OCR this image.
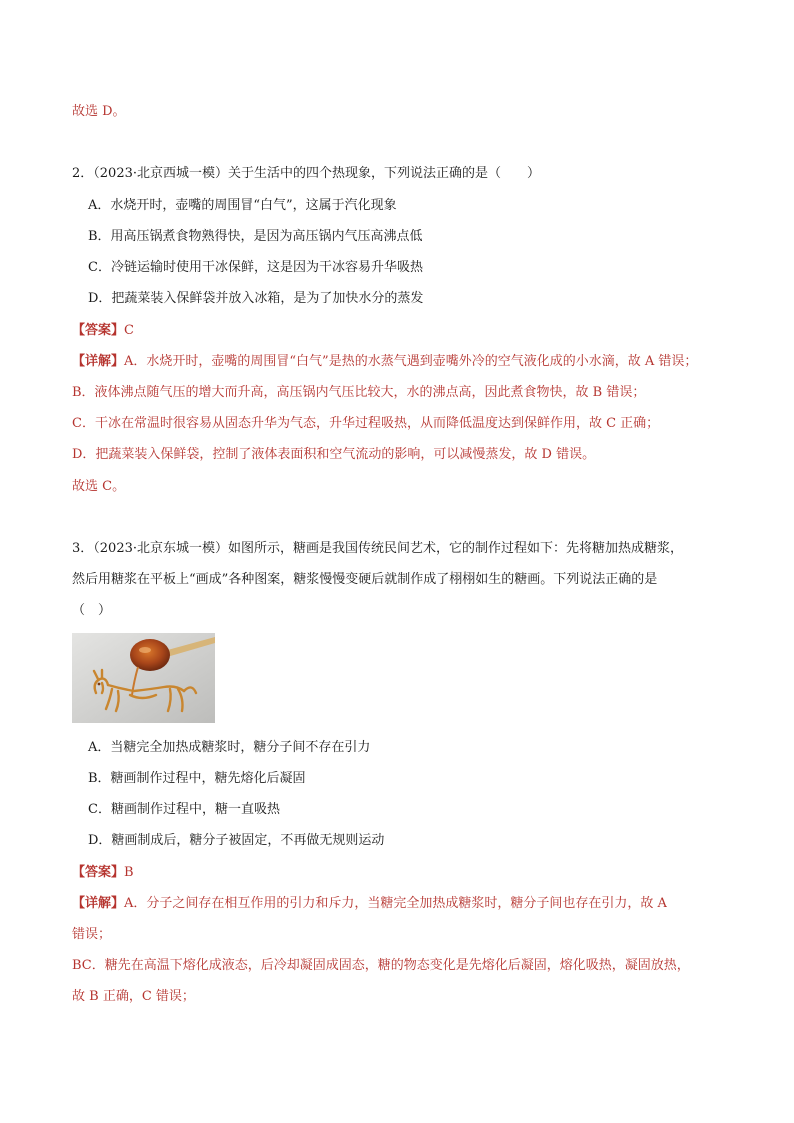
故选 D。
2．（2023·北京西城一模）关于生活中的四个热现象，下列说法正确的是（　　）
A．水烧开时，壶嘴的周围冒“白气”，这属于汽化现象
B．用高压锅煮食物熟得快，是因为高压锅内气压高沸点低
C．冷链运输时使用干冰保鲜，这是因为干冰容易升华吸热
D．把蔬菜装入保鲜袋并放入冰箱，是为了加快水分的蒸发
【答案】C
【详解】A．水烧开时，壶嘴的周围冒“白气”是热的水蒸气遇到壶嘴外冷的空气液化成的小水滴，故 A 错误；
B．液体沸点随气压的增大而升高，高压锅内气压比较大，水的沸点高，因此煮食物快，故 B 错误；
C．干冰在常温时很容易从固态升华为气态，升华过程吸热，从而降低温度达到保鲜作用，故 C 正确；
D．把蔬菜装入保鲜袋，控制了液体表面积和空气流动的影响，可以减慢蒸发，故 D 错误。
故选 C。
3．（2023·北京东城一模）如图所示，糖画是我国传统民间艺术，它的制作过程如下：先将糖加热成糖浆，
然后用糖浆在平板上“画成”各种图案，糖浆慢慢变硬后就制作成了栩栩如生的糖画。下列说法正确的是
（　）
A．当糖完全加热成糖浆时，糖分子间不存在引力
B．糖画制作过程中，糖先熔化后凝固
C．糖画制作过程中，糖一直吸热
D．糖画制成后，糖分子被固定，不再做无规则运动
【答案】B
【详解】A．分子之间存在相互作用的引力和斥力，当糖完全加热成糖浆时，糖分子间也存在引力，故 A
错误；
BC．糖先在高温下熔化成液态，后冷却凝固成固态，糖的物态变化是先熔化后凝固，熔化吸热，凝固放热，
故 B 正确，C 错误；
